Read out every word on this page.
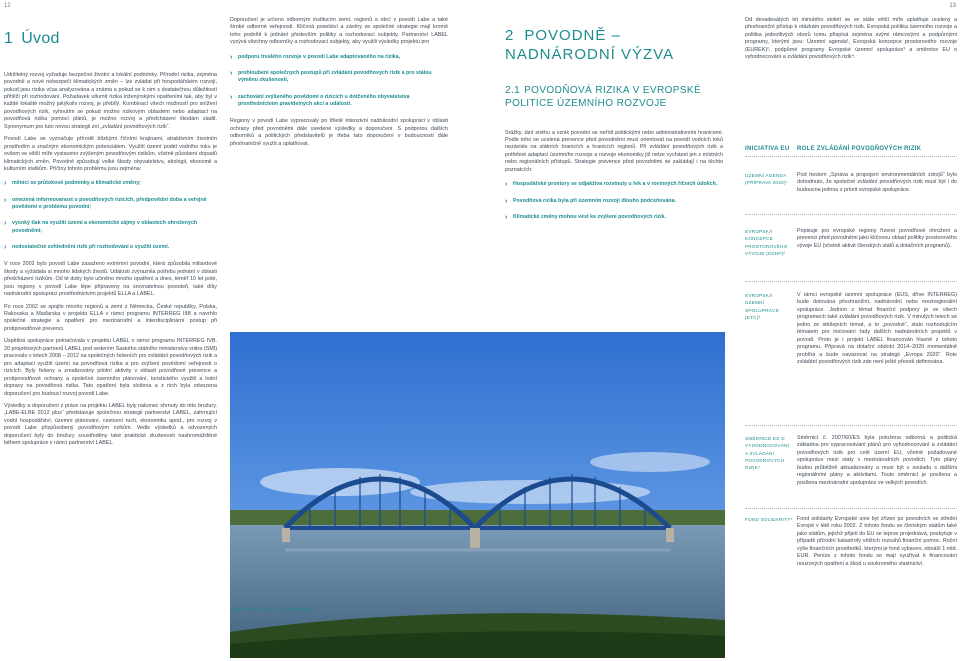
12	13
1 Úvod

Udržitelný rozvoj vyžaduje bezpečné životní a lokální podmínky. Přírodní rizika, zejména povodně a nové nebezpečí klimatických změn – lze zvládat při hospodářském rozvoji, pokud jsou rizika včas analyzována a známa a pokud se k nim s dostatečnou důležitostí přihlíží při rozhodování. Požadavek utlumit rizika inženýrskými opatřeními tak, aby byl v každé lokalitě možný jakýkoliv rozvoj, je přebílý. Kombinací všech možností pro snížení povodňových rizik, vyhnutím se pokud možno rizikovým oblastem nebo adaptací na povodňová rizika pomocí plánů, je možno rozvoj a předcházení škodám sladit. Synonymum pro tuto novou strategii zní „zvládání povodňových rizik“.

Povodí Labe se vyznačuje přírodě blízkými říčními krajinami, atraktivním životním prostředím a značným ekonomickým potenciálem. Využití území podél vodního toku je ovšem ve větší míře vystaveno zvýšeným povodňovým rizikům, včetně působení dopadů klimatických změn. Povodně způsobují velké škody obyvatelstvu, ekologii, ekonomii a kulturním statkům. Příčiny tohoto problému jsou zejména:

› měnící se průtokové podmínky a klimatické změny;
› omezená informovanost o povodňových rizicích, předpovědní doba a veřejné povědomí o problému povodní;
› vysoký tlak na využití území a ekonomické zájmy v oblastech ohrožených povodněmi;
› nedostatečné zohlednění rizik při rozhodování o využití území.

V roce 2002 bylo povodí Labe zasaženo extrémní povodní, která způsobila miliardové škody a vyžádala si mnoho lidských životů. Události zvýraznila potřebu jednání v oblasti předcházení rizikům. Od té doby bylo učiněno mnoho opatření a dnes, téměř 10 let poté, jsou regiony v povodí Labe lépe připraveny na srovnatelnou povodeň, také díky nadnárodní spolupráci prostřednictvím projektů ELLA a LABEL.

Po roce 2002 se spojilo mnoho regionů a zemí z Německa, České republiky, Polska, Rakouska a Maďarska v projektu ELLA v rámci programu INTERREG IIIB a navrhlo společné strategie a opatření pro mezinárodní a interdisciplinární postup při protipovodňové prevenci.

Úspěšná spolupráce pokračovala v projektu LABEL v rámci programu INTERREG IVB. 20 projektových partnerů LABEL pod vedením Saského státního ministerstva vnitra (SMI) pracovalo v letech 2008 – 2012 na společných řešeních pro zvládání povodňových rizik a pro adaptaci využití území na povodňová rizika a pro zvýšení povědomí veřejnosti o rizicích. Byly řešeny a zrealizovány pilotní aktivity v oblasti povodňové prevence a protipovodňové ochrany a společné územního plánování, turistického využití a lodní dopravy na povodňová rizika. Tato opatření byla složena a z nich byla odvozena doporučení pro budoucí rozvoj povodí Labe.

Výsledky a doporučení z práce na projektu LABEL byly nakonec shrnuty do této brožury. „LABE-ELBE 2012 plus“ představuje společnou strategii partnerství LABEL, zahrnující vodní hospodářství, územní plánování, cestovní ruch, ekonomiku apod., pro rozvoj v povodí Labe přizpůsobený povodňovým rizikům. Vedle výsledků a odvozených doporučení byly do brožury soustředěny také praktické zkušenosti nashromážděné během spolupráce v rámci partnerství LABEL.

Doporučení je určeno odborným institucím zemí, regionů a obcí v povodí Labe a také široké odborné veřejnosti. Klíčová poselství a závěry ze společné strategie mají kromě toho podnítit k jednání především politiky a rozhodovací subjekty. Partnerství LABEL vyzývá všechny odborníky a rozhodovací subjekty, aby využili výsledky projektu pro

› podporu trvalého rozvoje v povodí Labe adaptovaného na rizika,
› prohloubení společných postupů při zvládání povodňových rizik a pro stálou výměnu zkušeností,
› zachování zvýšeného povědomí o rizicích u dotčeného obyvatelstva prostřednictvím pravidelných akcí a událostí.

Regiony v povodí Labe vypracovaly po třiletě intenzivní nadnárodní spolupráci v oblasti ochrany před povodněmi dále uvedené výsledky a doporučení. S podporou dalších odborníků a politických představitelů je třeba tato doporučení v budoucnosti dále přeshraničně využít a uplatňovat.

2 POVODNĚ – NADNÁRODNÍ VÝZVA
2.1 POVODŇOVÁ RIZIKA V EVROPSKÉ POLITICE ÚZEMNÍHO ROZVOJE

Srážky, tání sněhu a vznik povodní se neřídí politickými nebo administrativními hranicemi. Podle toho se ucelená prevence před povodněmi musí orientovat na povodí vodních toků nezávisle na státních hranicích a hranicích regionů. Při zvládání povodňových rizik a potřebné adaptaci územního rozvoje a rozvoje ekonomiky již nelze vycházet jen z místních nebo regionálních přístupů. Strategie prevence před povodněmi se zakládají i na těchto poznatcích:

› Hospodářské prostory se odjakživa rozvinuly u řek a v rovinných říčních údolích.
› Povodňová rizika byla při územním rozvoji dlouho podceňována.
› Klimatické změny mohou vést ke zvýšení povodňových rizik.

Od devadesátých let minulého století se ve stále větší míře uplatňuje ucelený a přeshraniční přístup k otázkám povodňových rizik. Evropská politika územního rozvoje a politika jednotlivých oborů tomu přispívá zejména svými rámcovými a podpůrnými programy, kterými jsou: Územní agenda¹, Evropská koncepce prostorového rozvoje (EUREK)², podpůrné programy Evropské územní spolupráce³ a směrnice EU o vyhodnocování a zvládání povodňových rizik⁴.

INICIATIVA EU	ROLE ZVLÁDÁNÍ POVODŇOVÝCH RIZIK
ÚZEMNÍ AGENDA (PŘÍPRAVA 2020)¹
Pod heslem „Správa a propojení environmentálních zdrojů“ bylo dohodnuto, že společné zvládání povodňových rizik musí být i do budoucna jednou z priorit evropské spolupráce.
EVROPSKÁ KONCEPCE PROSTOROVÉHO VÝVOJE (ESDP)²
Popisuje pro evropské regiony řízené povodňové ohrožení a prevenci před povodněmi jako klíčovou oblast politiky prostorového vývoje EU (včetně aktivit členských států a dotačních programů).
EVROPSKÁ ÚZEMNÍ SPOLUPRÁCE (ETC)³
V rámci evropské územní spolupráce (EÚS, dříve INTERREG) bude dotována přeshraniční, nadnárodní nebo meziregionální spolupráce. Jedním z témat finanční podpory je ve všech programech také zvládání povodňových rizik. V minulých letech se jedno ze stěžejních témat, a to „povodně“, stalo rozhodujícím tématem pro iniciování řady dalších nadnárodních projektů v povodí. Proto je i projekt LABEL financován hlavně z tohoto programu. Připravá na dotační období 2014–2020 momentálně probíhá a bude navazovat na strategii „Evropa 2020“. Role zvládání povodňových rizik zde není ještě přesně definována.
SMĚRNICE ES O VYHODNOCOVÁNÍ A ZVLÁDÁNÍ POVODŇOVÝCH RIZIK⁴
Směrnicí č. 2007/60/ES byla položena odborná a politická základna pro vypracovávání plánů pro vyhodnocování a zvládání povodňových rizik pro celé území EU, včetně požadované spolupráce mezi státy v mezinárodních povodích. Tyto plány budou průběžně aktualizovány a musí být v souladu s dalšími regionálními plány a aktivitami. Touto směrnicí je posílena a posílena mezinárodní spolupráce ve velkých povodích.
FOND SOLIDARITY⁵ Fond solidarity Evropské unie byl zřízen po povodních ve střední Evropě v létě roku 2002. Z tohoto fondu se členským státům také jako státům, jejichž přijetí do EU se teprve projednává, poskytuje v případě přírodní katastrofy větších rozsahů finanční pomoc. Roční výše finančních prostředků, kterými je fond vybaven, obnáší 1 mld. EUR. Peníze z tohoto fondu se mají využívat k financování nouzových opatření a škod u soukromého vlastnictví.
MOST PŘES LABE V MAGDEBURKU
